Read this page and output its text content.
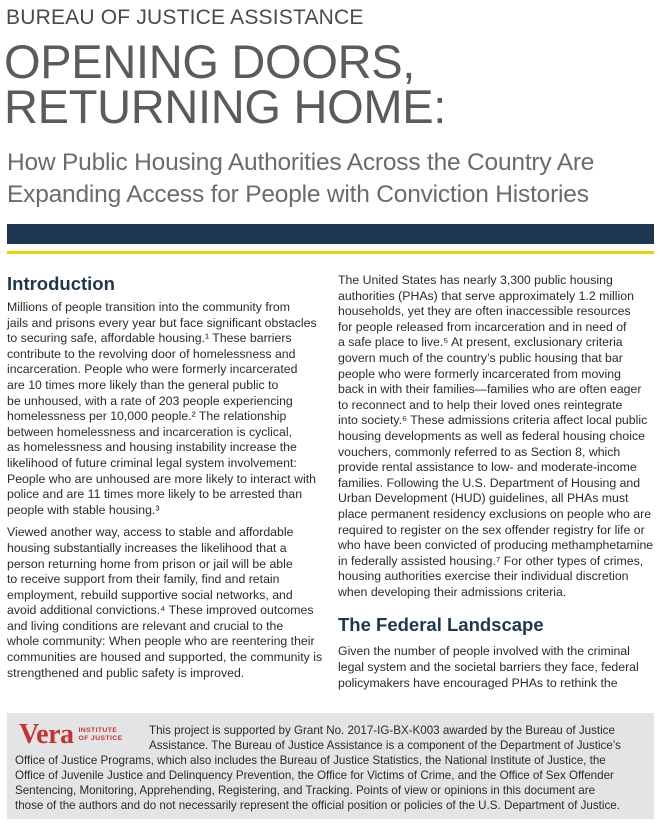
BUREAU OF JUSTICE ASSISTANCE
OPENING DOORS,
RETURNING HOME:
How Public Housing Authorities Across the Country Are
Expanding Access for People with Conviction Histories
Introduction

Millions of people transition into the community from
jails and prisons every year but face significant obstacles
to securing safe, affordable housing.¹ These barriers
contribute to the revolving door of homelessness and
incarceration. People who were formerly incarcerated
are 10 times more likely than the general public to
be unhoused, with a rate of 203 people experiencing
homelessness per 10,000 people.² The relationship
between homelessness and incarceration is cyclical,
as homelessness and housing instability increase the
likelihood of future criminal legal system involvement:
People who are unhoused are more likely to interact with
police and are 11 times more likely to be arrested than
people with stable housing.³

Viewed another way, access to stable and affordable
housing substantially increases the likelihood that a
person returning home from prison or jail will be able
to receive support from their family, find and retain
employment, rebuild supportive social networks, and
avoid additional convictions.⁴ These improved outcomes
and living conditions are relevant and crucial to the
whole community: When people who are reentering their
communities are housed and supported, the community is
strengthened and public safety is improved.

The United States has nearly 3,300 public housing
authorities (PHAs) that serve approximately 1.2 million
households, yet they are often inaccessible resources
for people released from incarceration and in need of
a safe place to live.⁵ At present, exclusionary criteria
govern much of the country’s public housing that bar
people who were formerly incarcerated from moving
back in with their families—families who are often eager
to reconnect and to help their loved ones reintegrate
into society.⁶ These admissions criteria affect local public
housing developments as well as federal housing choice
vouchers, commonly referred to as Section 8, which
provide rental assistance to low- and moderate-income
families. Following the U.S. Department of Housing and
Urban Development (HUD) guidelines, all PHAs must
place permanent residency exclusions on people who are
required to register on the sex offender registry for life or
who have been convicted of producing methamphetamine
in federally assisted housing.⁷ For other types of crimes,
housing authorities exercise their individual discretion
when developing their admissions criteria.

The Federal Landscape

Given the number of people involved with the criminal
legal system and the societal barriers they face, federal
policymakers have encouraged PHAs to rethink the

Vera INSTITUTE
OF JUSTICE
This project is supported by Grant No. 2017-IG-BX-K003 awarded by the Bureau of Justice
Assistance. The Bureau of Justice Assistance is a component of the Department of Justice’s
Office of Justice Programs, which also includes the Bureau of Justice Statistics, the National Institute of Justice, the
Office of Juvenile Justice and Delinquency Prevention, the Office for Victims of Crime, and the Office of Sex Offender
Sentencing, Monitoring, Apprehending, Registering, and Tracking. Points of view or opinions in this document are
those of the authors and do not necessarily represent the official position or policies of the U.S. Department of Justice.
